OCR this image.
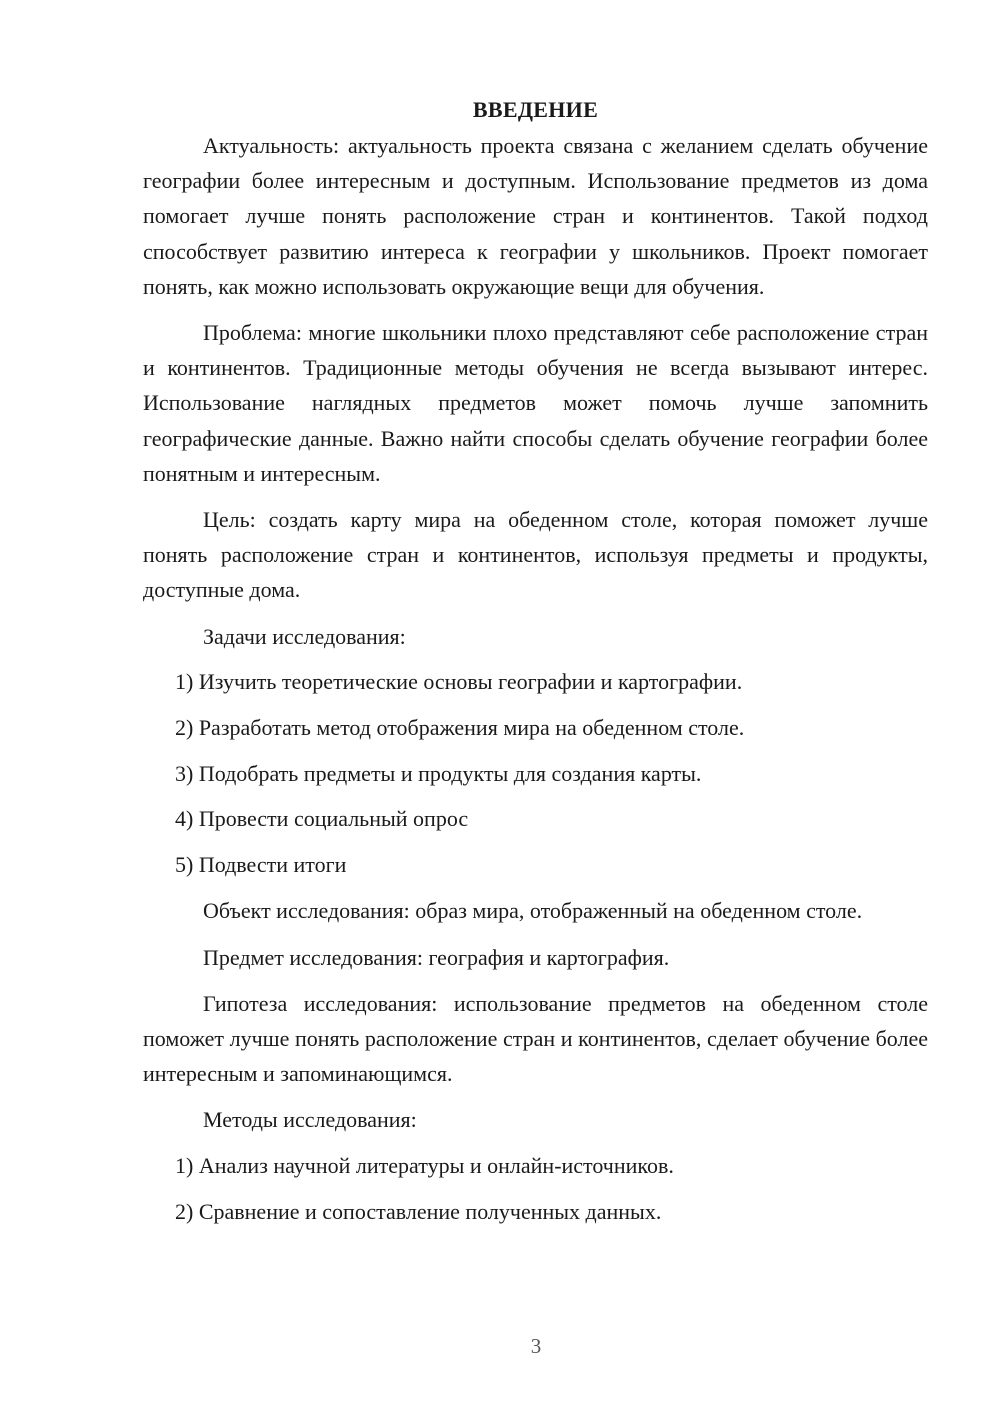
ВВЕДЕНИЕ

Актуальность: актуальность проекта связана с желанием сделать обучение географии более интересным и доступным. Использование предметов из дома помогает лучше понять расположение стран и континентов. Такой подход способствует развитию интереса к географии у школьников. Проект помогает понять, как можно использовать окружающие вещи для обучения.

Проблема: многие школьники плохо представляют себе расположение стран и континентов. Традиционные методы обучения не всегда вызывают интерес. Использование наглядных предметов может помочь лучше запомнить географические данные. Важно найти способы сделать обучение географии более понятным и интересным.

Цель: создать карту мира на обеденном столе, которая поможет лучше понять расположение стран и континентов, используя предметы и продукты, доступные дома.

Задачи исследования:

1) Изучить теоретические основы географии и картографии.

2) Разработать метод отображения мира на обеденном столе.

3) Подобрать предметы и продукты для создания карты.

4) Провести социальный опрос

5) Подвести итоги

Объект исследования: образ мира, отображенный на обеденном столе.

Предмет исследования: география и картография.

Гипотеза исследования: использование предметов на обеденном столе поможет лучше понять расположение стран и континентов, сделает обучение более интересным и запоминающимся.

Методы исследования:

1) Анализ научной литературы и онлайн-источников.

2) Сравнение и сопоставление полученных данных.

3
